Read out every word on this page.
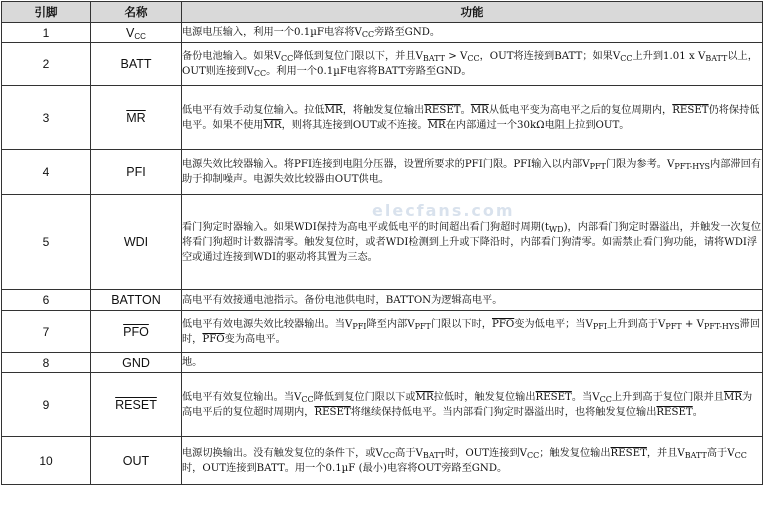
引脚	名称	功能
1	$V_{CC}$	电源电压输入，利用一个0.1µF电容将$V_{CC}$旁路至GND。
2	BATT	备份电池输入。如果$V_{CC}$降低到复位门限以下，并且$V_{BATT} > V_{CC}$，OUT将连接到BATT；如果$V_{CC}$上升到1.01 x $V_{BATT}$以上，OUT则连接到$V_{CC}$。利用一个0.1µF电容将BATT旁路至GND。
3	$\overline{MR}$	低电平有效手动复位输入。拉低$\overline{MR}$，将触发复位输出RESET。$\overline{MR}$从低电平变为高电平之后的复位周期内，RESET仍将保持低电平。如果不使用$\overline{MR}$，则将其连接到OUT或不连接。$\overline{MR}$在内部通过一个30kΩ电阻上拉到OUT。
4	PFI	电源失效比较器输入。将PFI连接到电阻分压器，设置所要求的PFI门限。PFI输入以内部$V_{PFT}$门限为参考。$V_{PFT-HYS}$内部滞回有助于抑制噪声。电源失效比较器由OUT供电。
5	WDI	看门狗定时器输入。如果WDI保持为高电平或低电平的时间超出看门狗超时周期$(t_{WD})$，内部看门狗定时器溢出，并触发一次复位将看门狗超时计数器清零。触发复位时，或者WDI检测到上升或下降沿时，内部看门狗清零。如需禁止看门狗功能，请将WDI浮空或通过连接到WDI的驱动将其置为三态。
elecfans.com

6	BATTON	高电平有效接通电池指示。备份电池供电时，BATTON为逻辑高电平。
7	$\overline{PFO}$	低电平有效电源失效比较器输出。当$V_{PFI}$降至内部$V_{PFT}$门限以下时，$\overline{PFO}$变为低电平；当$V_{PFI}$上升到高于$V_{PFT} + V_{PFT-HYS}$滞回时，$\overline{PFO}$变为高电平。
8	GND	地。
9	RESET	低电平有效复位输出。当$V_{CC}$降低到复位门限以下或$\overline{MR}$拉低时，触发复位输出RESET。当$V_{CC}$上升到高于复位门限并且$\overline{MR}$为高电平后的复位超时周期内，RESET将继续保持低电平。当内部看门狗定时器溢出时，也将触发复位输出RESET。
10	OUT	电源切换输出。没有触发复位的条件下，或$V_{CC}$高于$V_{BATT}$时，OUT连接到$V_{CC}$；触发复位输出RESET，并且$V_{BATT}$高于$V_{CC}$时，OUT连接到BATT。用一个0.1µF (最小)电容将OUT旁路至GND。
